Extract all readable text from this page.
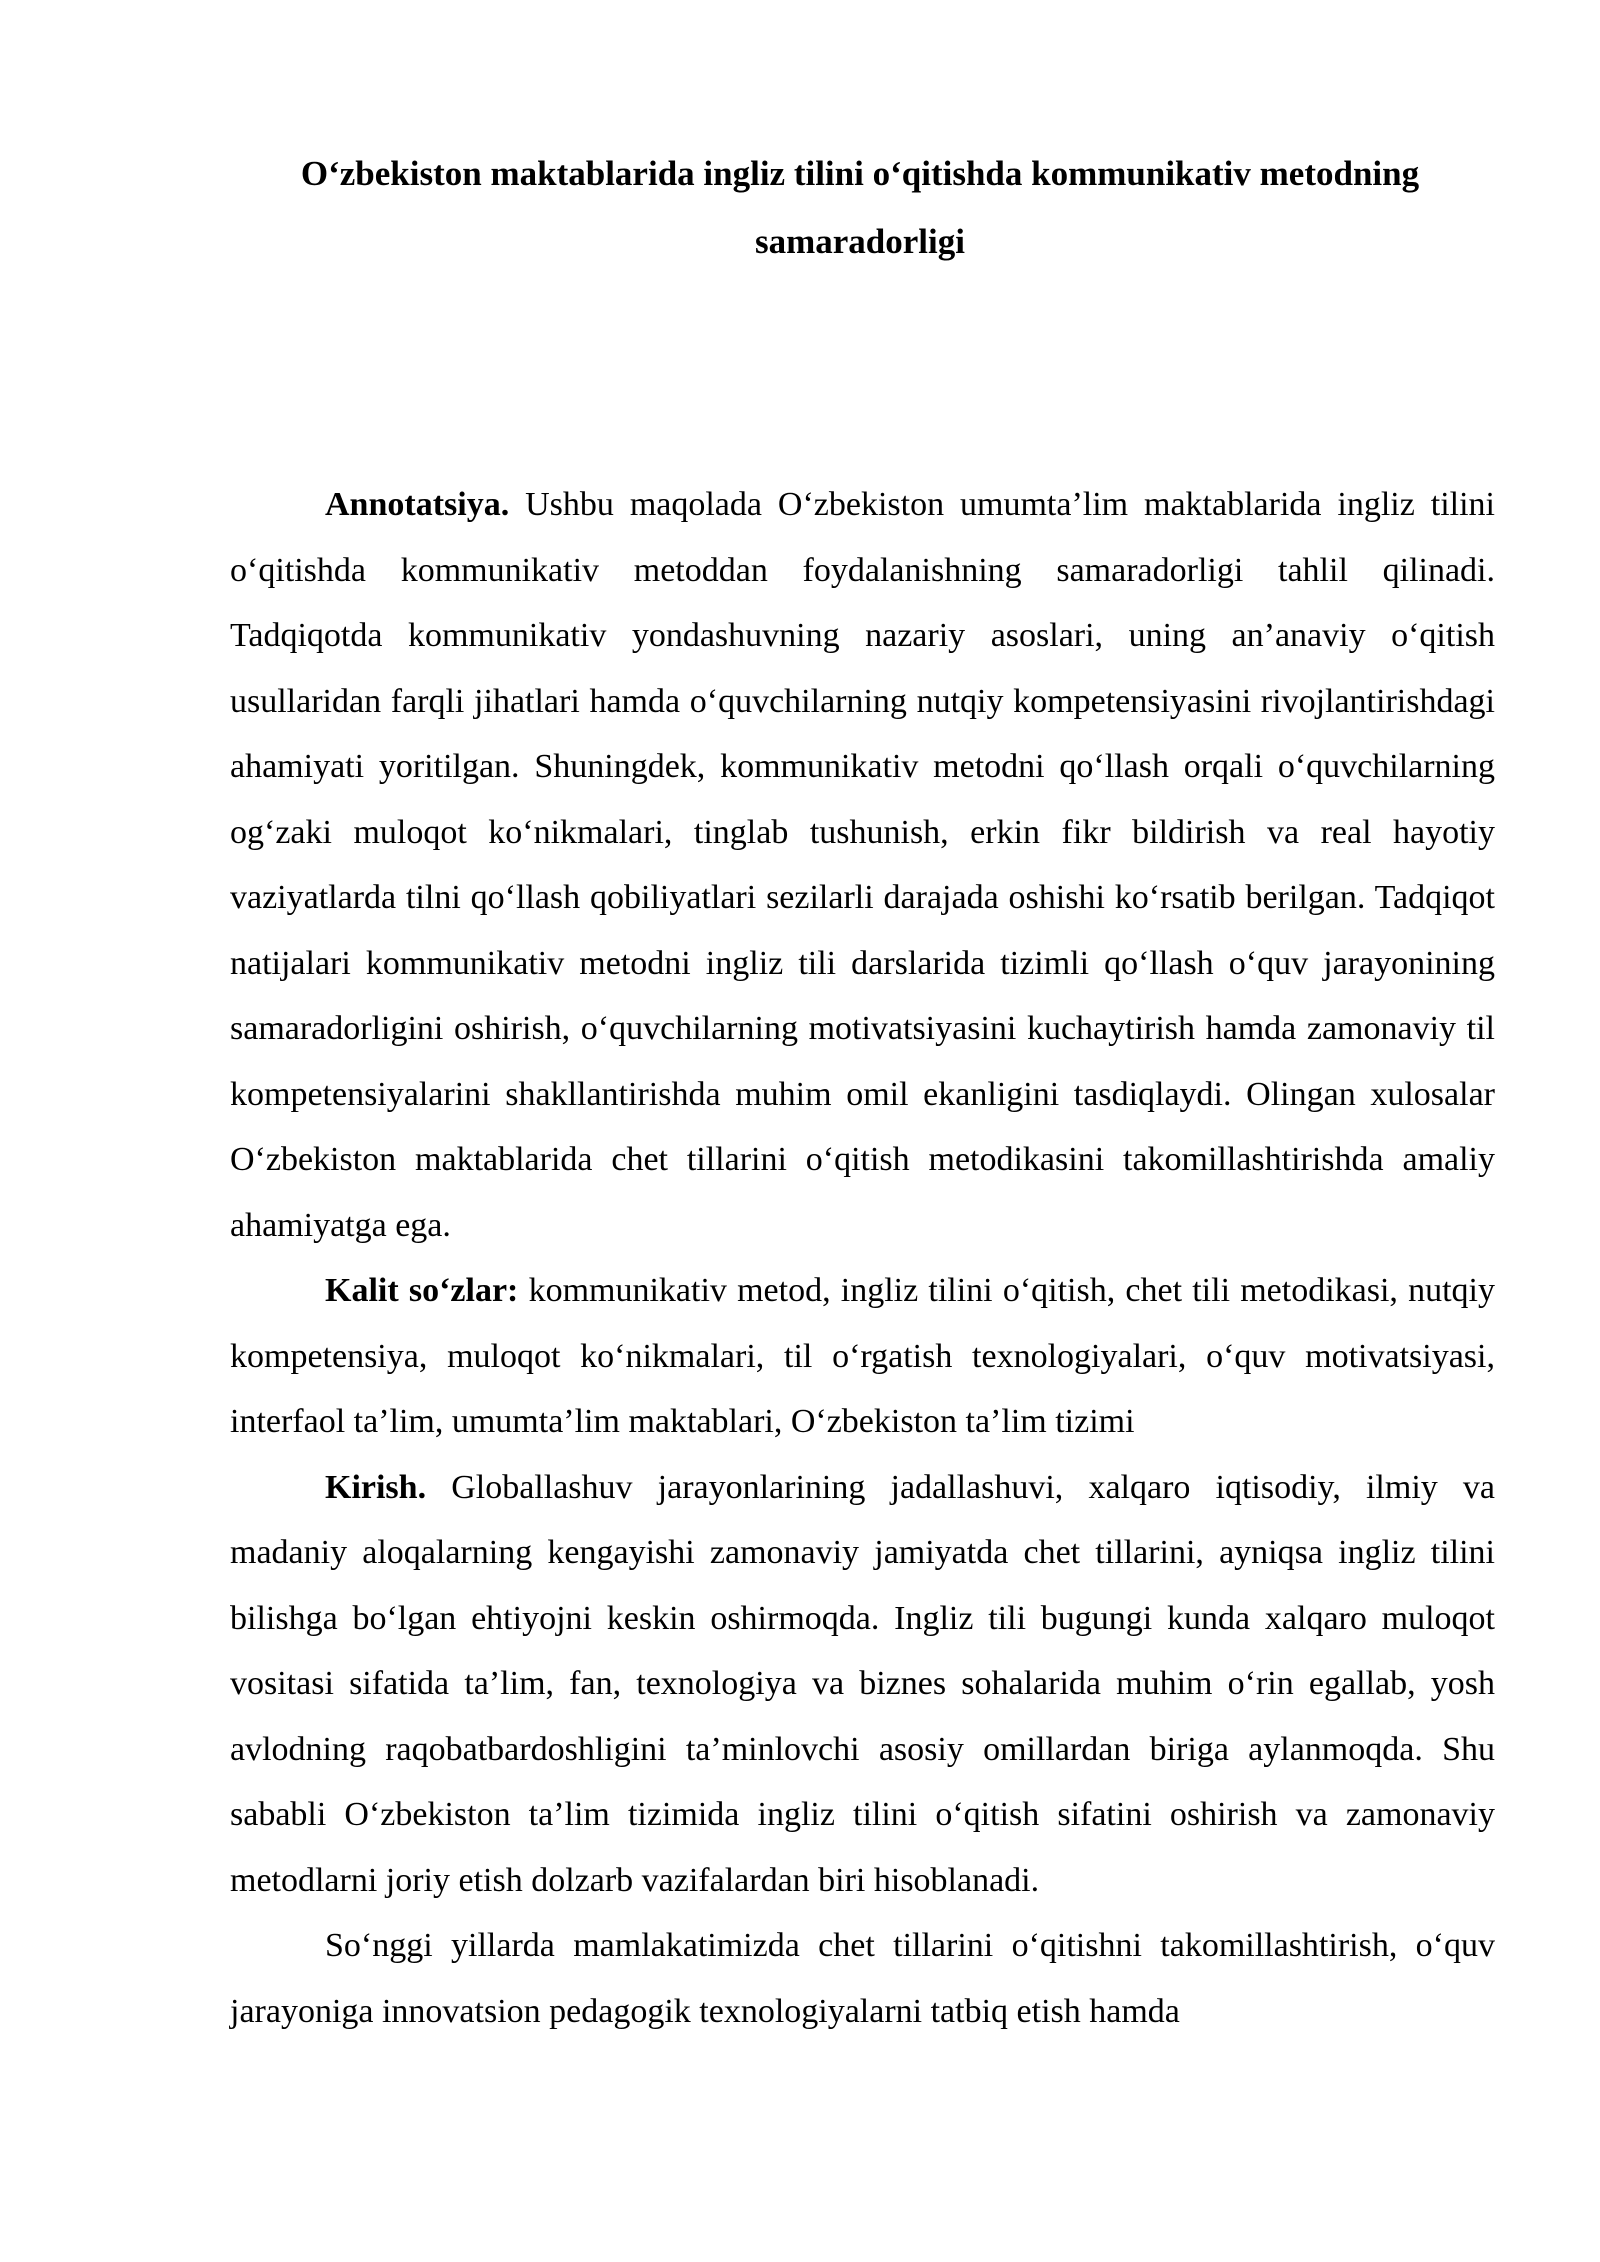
O‘zbekiston maktablarida ingliz tilini o‘qitishda kommunikativ metodning samaradorligi

Annotatsiya. Ushbu maqolada O‘zbekiston umumta’lim maktablarida ingliz tilini o‘qitishda kommunikativ metoddan foydalanishning samaradorligi tahlil qilinadi. Tadqiqotda kommunikativ yondashuvning nazariy asoslari, uning an’anaviy o‘qitish usullaridan farqli jihatlari hamda o‘quvchilarning nutqiy kompetensiyasini rivojlantirishdagi ahamiyati yoritilgan. Shuningdek, kommunikativ metodni qo‘llash orqali o‘quvchilarning og‘zaki muloqot ko‘nikmalari, tinglab tushunish, erkin fikr bildirish va real hayotiy vaziyatlarda tilni qo‘llash qobiliyatlari sezilarli darajada oshishi ko‘rsatib berilgan. Tadqiqot natijalari kommunikativ metodni ingliz tili darslarida tizimli qo‘llash o‘quv jarayonining samaradorligini oshirish, o‘quvchilarning motivatsiyasini kuchaytirish hamda zamonaviy til kompetensiyalarini shakllantirishda muhim omil ekanligini tasdiqlaydi. Olingan xulosalar O‘zbekiston maktablarida chet tillarini o‘qitish metodikasini takomillashtirishda amaliy ahamiyatga ega.

Kalit so‘zlar: kommunikativ metod, ingliz tilini o‘qitish, chet tili metodikasi, nutqiy kompetensiya, muloqot ko‘nikmalari, til o‘rgatish texnologiyalari, o‘quv motivatsiyasi, interfaol ta’lim, umumta’lim maktablari, O‘zbekiston ta’lim tizimi

Kirish. Globallashuv jarayonlarining jadallashuvi, xalqaro iqtisodiy, ilmiy va madaniy aloqalarning kengayishi zamonaviy jamiyatda chet tillarini, ayniqsa ingliz tilini bilishga bo‘lgan ehtiyojni keskin oshirmoqda. Ingliz tili bugungi kunda xalqaro muloqot vositasi sifatida ta’lim, fan, texnologiya va biznes sohalarida muhim o‘rin egallab, yosh avlodning raqobatbardoshligini ta’minlovchi asosiy omillardan biriga aylanmoqda. Shu sababli O‘zbekiston ta’lim tizimida ingliz tilini o‘qitish sifatini oshirish va zamonaviy metodlarni joriy etish dolzarb vazifalardan biri hisoblanadi.

So‘nggi yillarda mamlakatimizda chet tillarini o‘qitishni takomillashtirish, o‘quv jarayoniga innovatsion pedagogik texnologiyalarni tatbiq etish hamda
